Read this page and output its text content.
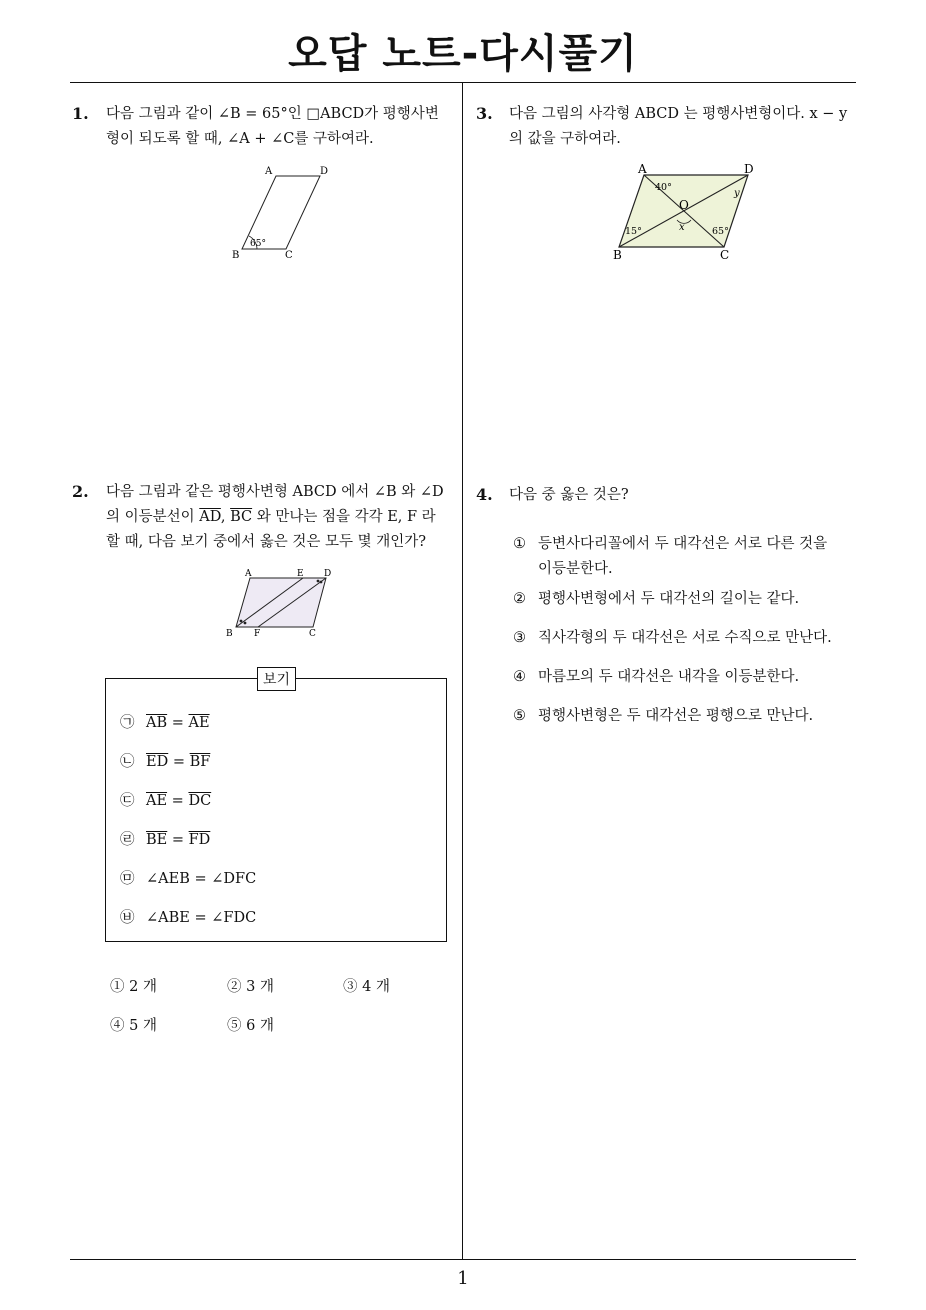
오답 노트-다시풀기
1. 다음 그림과 같이 ∠B = 65°인 □ABCD가 평행사변
형이 되도록 할 때, ∠A + ∠C를 구하여라.
A	D
B	C
65°
2. 다음 그림과 같은 평행사변형 ABCD 에서 ∠B 와 ∠D
의 이등분선이 $\overline{AD}$, $\overline{BC}$ 와 만나는 점을 각각 E, F 라
할 때, 다음 보기 중에서 옳은 것은 모두 몇 개인가?
A	E D
B F	C
보기
㉠ $\overline{AB} = \overline{AE}$
㉡ $\overline{ED} = \overline{BF}$
㉢ $\overline{AE} = \overline{DC}$
㉣ $\overline{BE} = \overline{FD}$
㉤ ∠AEB = ∠DFC
㉥ ∠ABE = ∠FDC
① 2 개	② 3 개	③ 4 개
④ 5 개	⑤ 6 개
3. 다음 그림의 사각형 ABCD 는 평행사변형이다. x − y
의 값을 구하여라.
A	D
B	C
O
40°
15°	65°
x
y
4. 다음 중 옳은 것은?
① 등변사다리꼴에서 두 대각선은 서로 다른 것을
이등분한다.
② 평행사변형에서 두 대각선의 길이는 같다.
③ 직사각형의 두 대각선은 서로 수직으로 만난다.
④ 마름모의 두 대각선은 내각을 이등분한다.
⑤ 평행사변형은 두 대각선은 평행으로 만난다.
1
